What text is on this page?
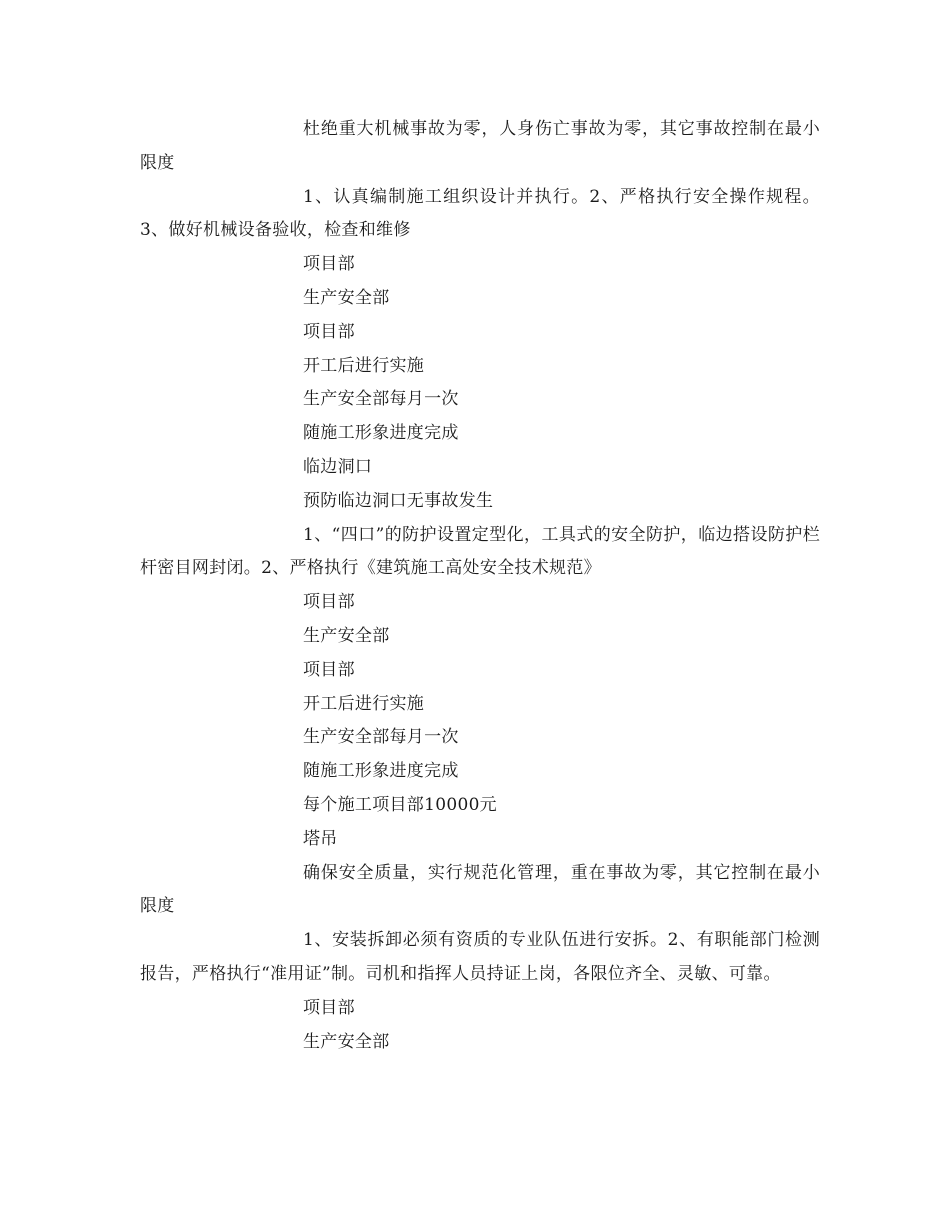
杜绝重大机械事故为零，人身伤亡事故为零，其它事故控制在最小限度

1、认真编制施工组织设计并执行。2、严格执行安全操作规程。3、做好机械设备验收，检查和维修

项目部

生产安全部

项目部

开工后进行实施

生产安全部每月一次

随施工形象进度完成

临边洞口

预防临边洞口无事故发生

1、“四口”的防护设置定型化，工具式的安全防护，临边搭设防护栏杆密目网封闭。2、严格执行《建筑施工高处安全技术规范》

项目部

生产安全部

项目部

开工后进行实施

生产安全部每月一次

随施工形象进度完成

每个施工项目部10000元

塔吊

确保安全质量，实行规范化管理，重在事故为零，其它控制在最小限度

1、安装拆卸必须有资质的专业队伍进行安拆。2、有职能部门检测报告，严格执行“准用证”制。司机和指挥人员持证上岗，各限位齐全、灵敏、可靠。

项目部

生产安全部
